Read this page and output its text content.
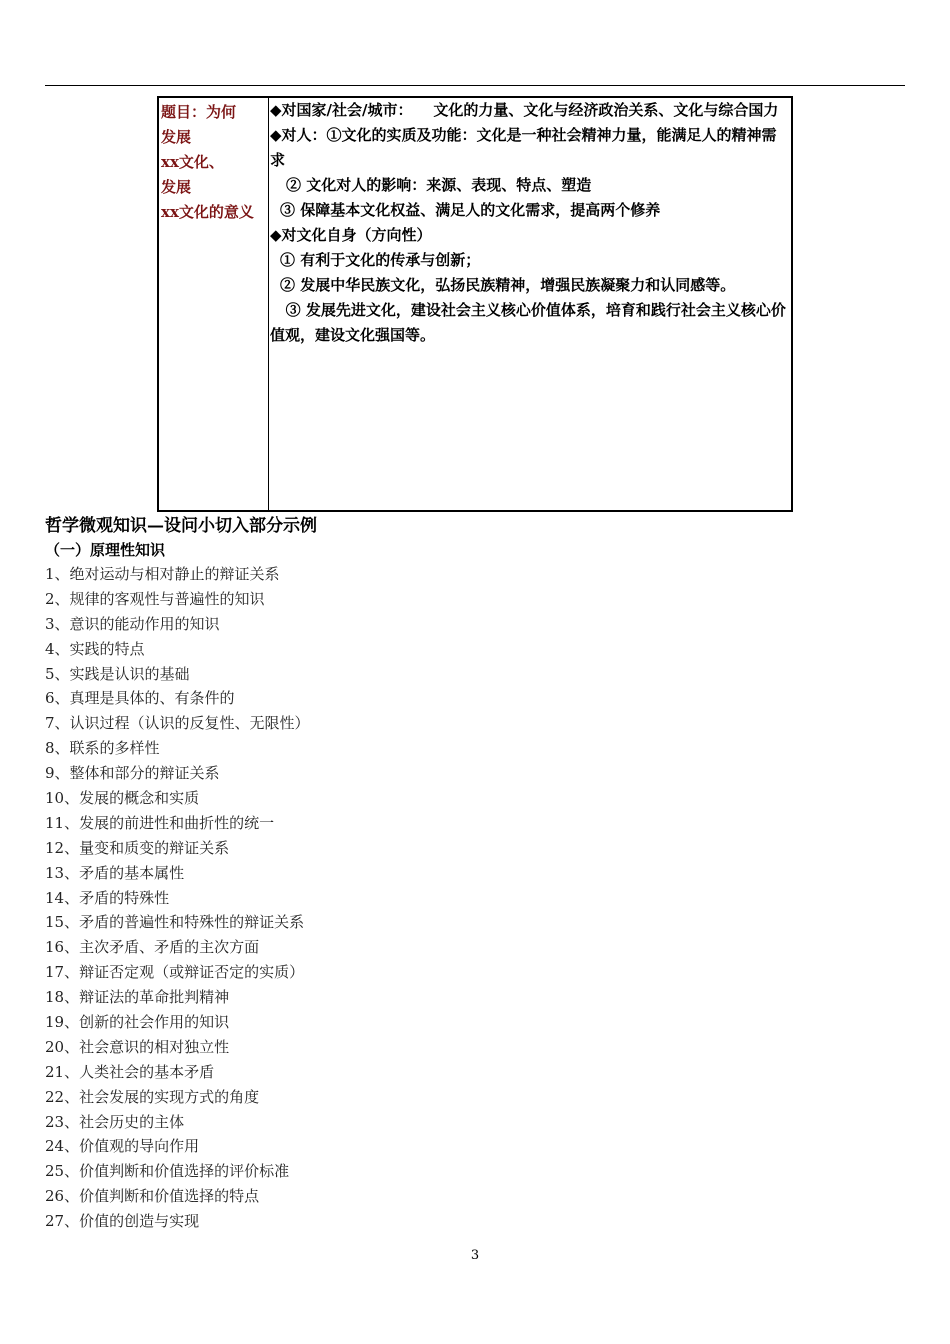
题目：为何
发展
xx文化、
发展
xx文化的意义

◆对国家/社会/城市： 文化的力量、文化与经济政治关系、文化与综合国力

◆对人：①文化的实质及功能：文化是一种社会精神力量，能满足人的精神需求

② 文化对人的影响：来源、表现、特点、塑造

③ 保障基本文化权益、满足人的文化需求，提高两个修养

◆对文化自身（方向性）

① 有利于文化的传承与创新；

② 发展中华民族文化，弘扬民族精神，增强民族凝聚力和认同感等。

③ 发展先进文化，建设社会主义核心价值体系，培育和践行社会主义核心价值观，建设文化强国等。

哲学微观知识—设问小切入部分示例
（一）原理性知识
1、绝对运动与相对静止的辩证关系
2、规律的客观性与普遍性的知识
3、意识的能动作用的知识
4、实践的特点
5、实践是认识的基础
6、真理是具体的、有条件的
7、认识过程（认识的反复性、无限性）
8、联系的多样性
9、整体和部分的辩证关系
10、发展的概念和实质
11、发展的前进性和曲折性的统一
12、量变和质变的辩证关系
13、矛盾的基本属性
14、矛盾的特殊性
15、矛盾的普遍性和特殊性的辩证关系
16、主次矛盾、矛盾的主次方面
17、辩证否定观（或辩证否定的实质）
18、辩证法的革命批判精神
19、创新的社会作用的知识
20、社会意识的相对独立性
21、人类社会的基本矛盾
22、社会发展的实现方式的角度
23、社会历史的主体
24、价值观的导向作用
25、价值判断和价值选择的评价标准
26、价值判断和价值选择的特点
27、价值的创造与实现
3
